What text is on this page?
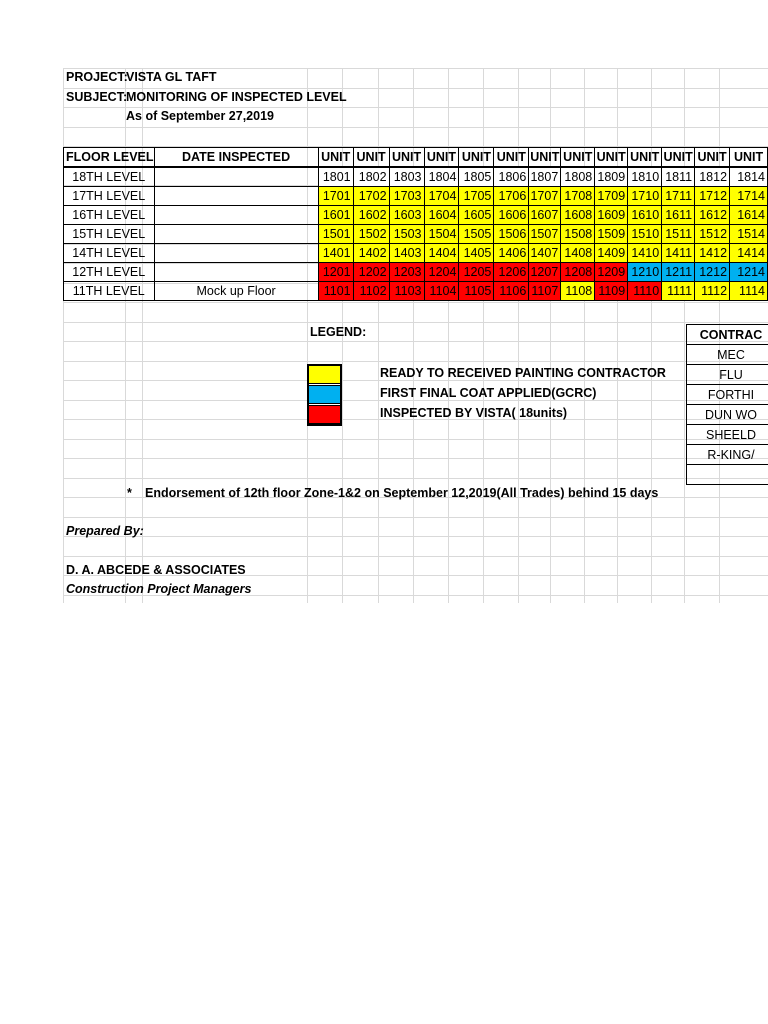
PROJECT:
VISTA GL TAFT
SUBJECT:
MONITORING OF INSPECTED LEVEL
As of September 27,2019
FLOOR LEVEL	DATE INSPECTED	UNIT	UNIT	UNIT	UNIT	UNIT	UNIT	UNIT	UNIT	UNIT	UNIT	UNIT	UNIT	UNIT
18TH LEVEL		1801	1802	1803	1804	1805	1806	1807	1808	1809	1810	1811	1812	1814
17TH LEVEL		1701	1702	1703	1704	1705	1706	1707	1708	1709	1710	1711	1712	1714
16TH LEVEL		1601	1602	1603	1604	1605	1606	1607	1608	1609	1610	1611	1612	1614
15TH LEVEL		1501	1502	1503	1504	1505	1506	1507	1508	1509	1510	1511	1512	1514
14TH LEVEL		1401	1402	1403	1404	1405	1406	1407	1408	1409	1410	1411	1412	1414
12TH LEVEL		1201	1202	1203	1204	1205	1206	1207	1208	1209	1210	1211	1212	1214
11TH LEVEL	Mock up Floor	1101	1102	1103	1104	1105	1106	1107	1108	1109	1110	1111	1112	1114
LEGEND:
READY TO RECEIVED PAINTING CONTRACTOR
FIRST FINAL COAT APPLIED(GCRC)
INSPECTED BY VISTA( 18units)
CONTRAC
MEC
FLU
FORTHI
DUN WO
SHEELD
R-KING/

* Endorsement of 12th floor Zone-1&2 on September 12,2019(All Trades) behind 15 days
Prepared By:
D. A. ABCEDE & ASSOCIATES
Construction Project Managers
